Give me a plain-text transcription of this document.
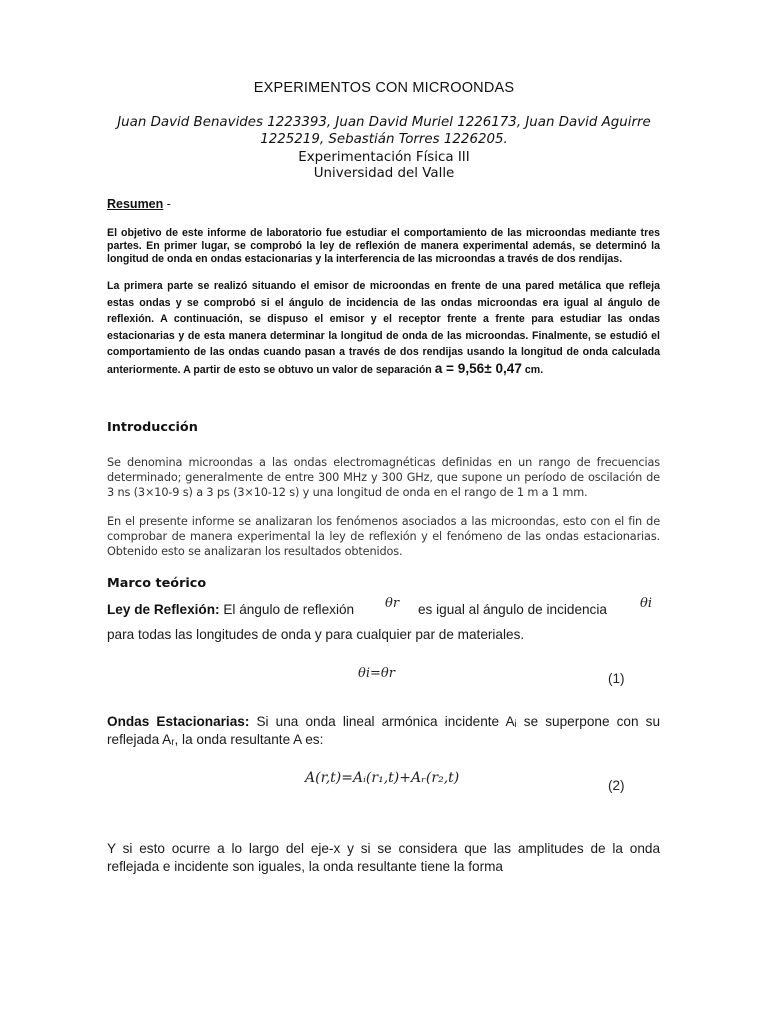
EXPERIMENTOS CON MICROONDAS
Juan David Benavides 1223393, Juan David Muriel 1226173, Juan David Aguirre 1225219, Sebastián Torres 1226205.
Experimentación Física III
Universidad del Valle
Resumen -
El objetivo de este informe de laboratorio fue estudiar el comportamiento de las microondas mediante tres partes. En primer lugar, se comprobó la ley de reflexión de manera experimental además, se determinó la longitud de onda en ondas estacionarias y la interferencia de las microondas a través de dos rendijas.
La primera parte se realizó situando el emisor de microondas en frente de una pared metálica que refleja estas ondas y se comprobó si el ángulo de incidencia de las ondas microondas era igual al ángulo de reflexión. A continuación, se dispuso el emisor y el receptor frente a frente para estudiar las ondas estacionarias y de esta manera determinar la longitud de onda de las microondas. Finalmente, se estudió el comportamiento de las ondas cuando pasan a través de dos rendijas usando la longitud de onda calculada anteriormente. A partir de esto se obtuvo un valor de separación a = 9,56± 0,47 cm.
Introducción
Se denomina microondas a las ondas electromagnéticas definidas en un rango de frecuencias determinado; generalmente de entre 300 MHz y 300 GHz, que supone un período de oscilación de 3 ns (3×10-9 s) a 3 ps (3×10-12 s) y una longitud de onda en el rango de 1 m a 1 mm.
En el presente informe se analizaran los fenómenos asociados a las microondas, esto con el fin de comprobar de manera experimental la ley de reflexión y el fenómeno de las ondas estacionarias. Obtenido esto se analizaran los resultados obtenidos.
Marco teórico
Ley de Reflexión: El ángulo de reflexión θr es igual al ángulo de incidencia	θi
para todas las longitudes de onda y para cualquier par de materiales.
θi=θr	(1)
Ondas Estacionarias: Si una onda lineal armónica incidente Aᵢ se superpone con su reflejada Aᵣ, la onda resultante A es:
A(r,t)=Aᵢ(r₁,t)+Aᵣ(r₂,t)	(2)
Y si esto ocurre a lo largo del eje-x y si se considera que las amplitudes de la onda reflejada e incidente son iguales, la onda resultante tiene la forma
